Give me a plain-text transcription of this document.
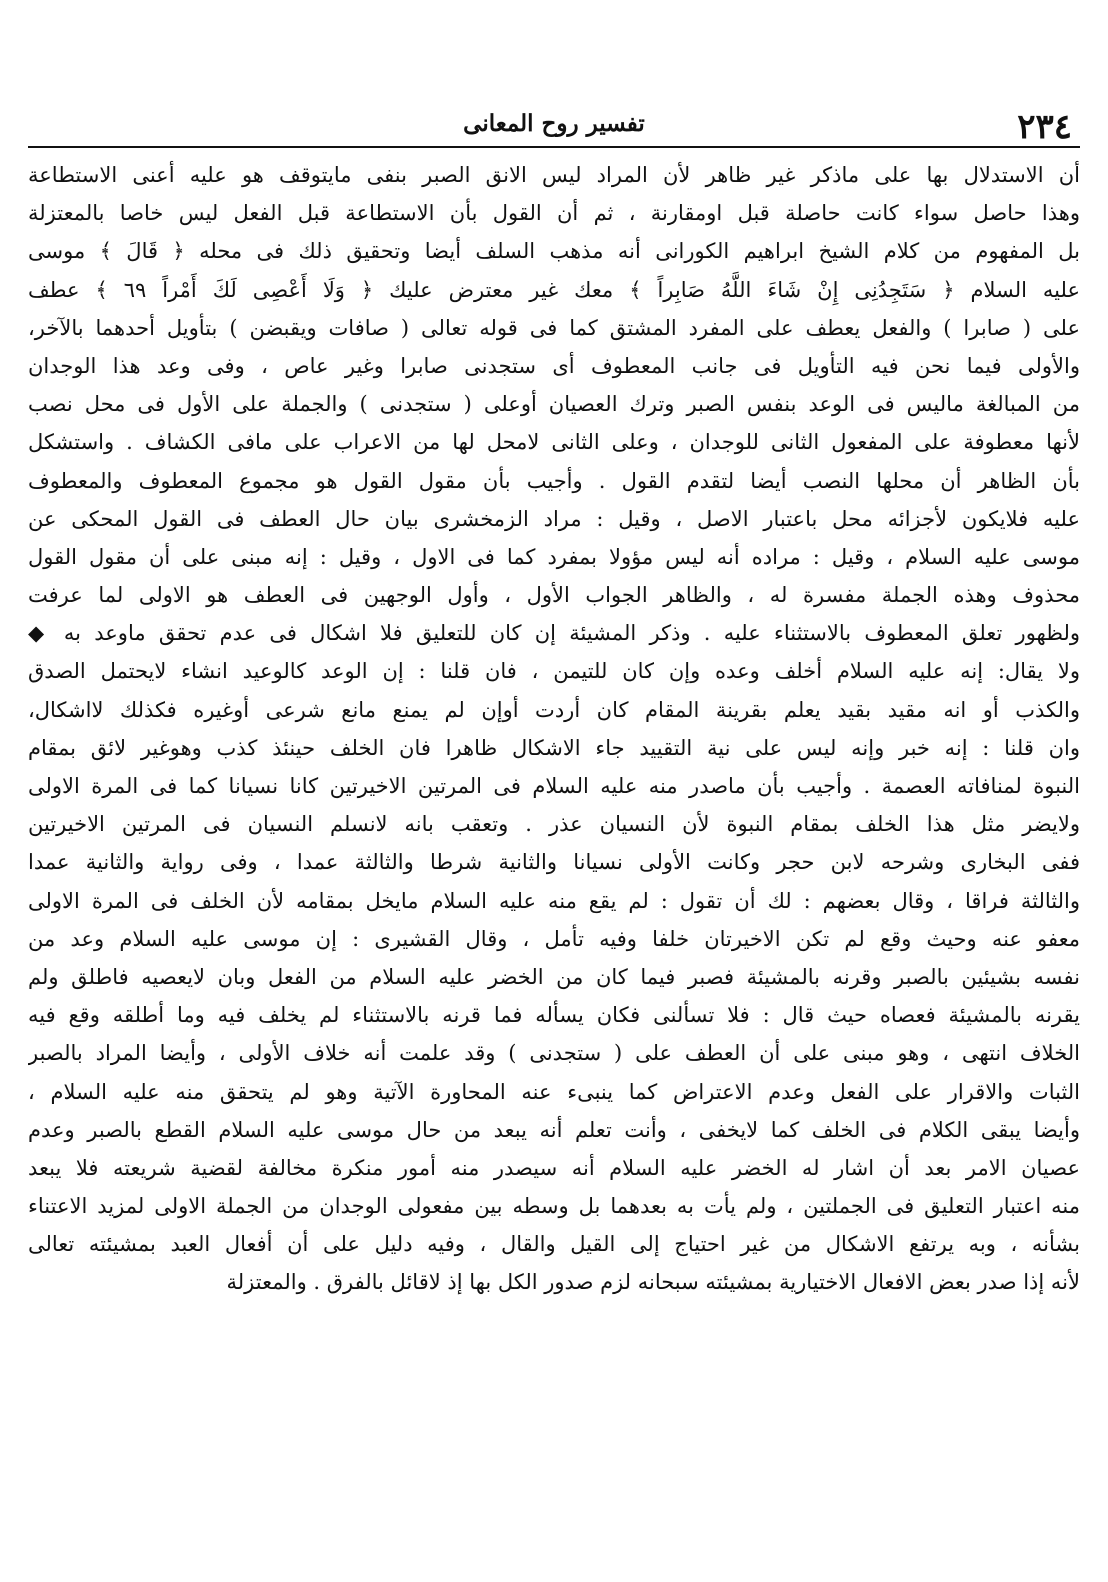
٢٣٤
تفسير روح المعانى
أن الاستدلال بها على ماذكر غير ظاهر لأن المراد ليس الانق الصبر بنفى مايتوقف هو عليه أعنى الاستطاعة
وهذا حاصل سواء كانت حاصلة قبل اومقارنة ، ثم أن القول بأن الاستطاعة قبل الفعل ليس خاصا بالمعتزلة
بل المفهوم من كلام الشيخ ابراهيم الكورانى أنه مذهب السلف أيضا وتحقيق ذلك فى محله ﴿ قَالَ ﴾ موسى
عليه السلام ﴿ سَتَجِدُنِى إِنْ شَاءَ اللَّهُ صَابِراً ﴾ معك غير معترض عليك ﴿ وَلَا أَعْصِى لَكَ أَمْراً ٦٩ ﴾ عطف
على ( صابرا ) والفعل يعطف على المفرد المشتق كما فى قوله تعالى ( صافات ويقبضن ) بتأويل أحدهما بالآخر،
والأولى فيما نحن فيه التأويل فى جانب المعطوف أى ستجدنى صابرا وغير عاص ، وفى وعد هذا الوجدان
من المبالغة ماليس فى الوعد بنفس الصبر وترك العصيان أوعلى ( ستجدنى ) والجملة على الأول فى محل نصب
لأنها معطوفة على المفعول الثانى للوجدان ، وعلى الثانى لامحل لها من الاعراب على مافى الكشاف . واستشكل
بأن الظاهر أن محلها النصب أيضا لتقدم القول . وأجيب بأن مقول القول هو مجموع المعطوف والمعطوف
عليه فلايكون لأجزائه محل باعتبار الاصل ، وقيل : مراد الزمخشرى بيان حال العطف فى القول المحكى عن
موسى عليه السلام ، وقيل : مراده أنه ليس مؤولا بمفرد كما فى الاول ، وقيل : إنه مبنى على أن مقول القول
محذوف وهذه الجملة مفسرة له ، والظاهر الجواب الأول ، وأول الوجهين فى العطف هو الاولى لما عرفت
ولظهور تعلق المعطوف بالاستثناء عليه . وذكر المشيئة إن كان للتعليق فلا اشكال فى عدم تحقق ماوعد به ◆
ولا يقال: إنه عليه السلام أخلف وعده وإن كان للتيمن ، فان قلنا : إن الوعد كالوعيد انشاء لايحتمل الصدق
والكذب أو انه مقيد بقيد يعلم بقرينة المقام كان أردت أوإن لم يمنع مانع شرعى أوغيره فكذلك لااشكال،
وان قلنا : إنه خبر وإنه ليس على نية التقييد جاء الاشكال ظاهرا فان الخلف حينئذ كذب وهوغير لائق بمقام
النبوة لمنافاته العصمة . وأجيب بأن ماصدر منه عليه السلام فى المرتين الاخيرتين كانا نسيانا كما فى المرة الاولى
ولايضر مثل هذا الخلف بمقام النبوة لأن النسيان عذر . وتعقب بانه لانسلم النسيان فى المرتين الاخيرتين
ففى البخارى وشرحه لابن حجر وكانت الأولى نسيانا والثانية شرطا والثالثة عمدا ، وفى رواية والثانية عمدا
والثالثة فراقا ، وقال بعضهم : لك أن تقول : لم يقع منه عليه السلام مايخل بمقامه لأن الخلف فى المرة الاولى
معفو عنه وحيث وقع لم تكن الاخيرتان خلفا وفيه تأمل ، وقال القشيرى : إن موسى عليه السلام وعد من
نفسه بشيئين بالصبر وقرنه بالمشيئة فصبر فيما كان من الخضر عليه السلام من الفعل وبان لايعصيه فاطلق ولم
يقرنه بالمشيئة فعصاه حيث قال : فلا تسألنى فكان يسأله فما قرنه بالاستثناء لم يخلف فيه وما أطلقه وقع فيه
الخلاف انتهى ، وهو مبنى على أن العطف على ( ستجدنى ) وقد علمت أنه خلاف الأولى ، وأيضا المراد بالصبر
الثبات والاقرار على الفعل وعدم الاعتراض كما ينبىء عنه المحاورة الآتية وهو لم يتحقق منه عليه السلام ،
وأيضا يبقى الكلام فى الخلف كما لايخفى ، وأنت تعلم أنه يبعد من حال موسى عليه السلام القطع بالصبر وعدم
عصيان الامر بعد أن اشار له الخضر عليه السلام أنه سيصدر منه أمور منكرة مخالفة لقضية شريعته فلا يبعد
منه اعتبار التعليق فى الجملتين ، ولم يأت به بعدهما بل وسطه بين مفعولى الوجدان من الجملة الاولى لمزيد الاعتناء
بشأنه ، وبه يرتفع الاشكال من غير احتياج إلى القيل والقال ، وفيه دليل على أن أفعال العبد بمشيئته تعالى
لأنه إذا صدر بعض الافعال الاختيارية بمشيئته سبحانه لزم صدور الكل بها إذ لاقائل بالفرق . والمعتزلة
